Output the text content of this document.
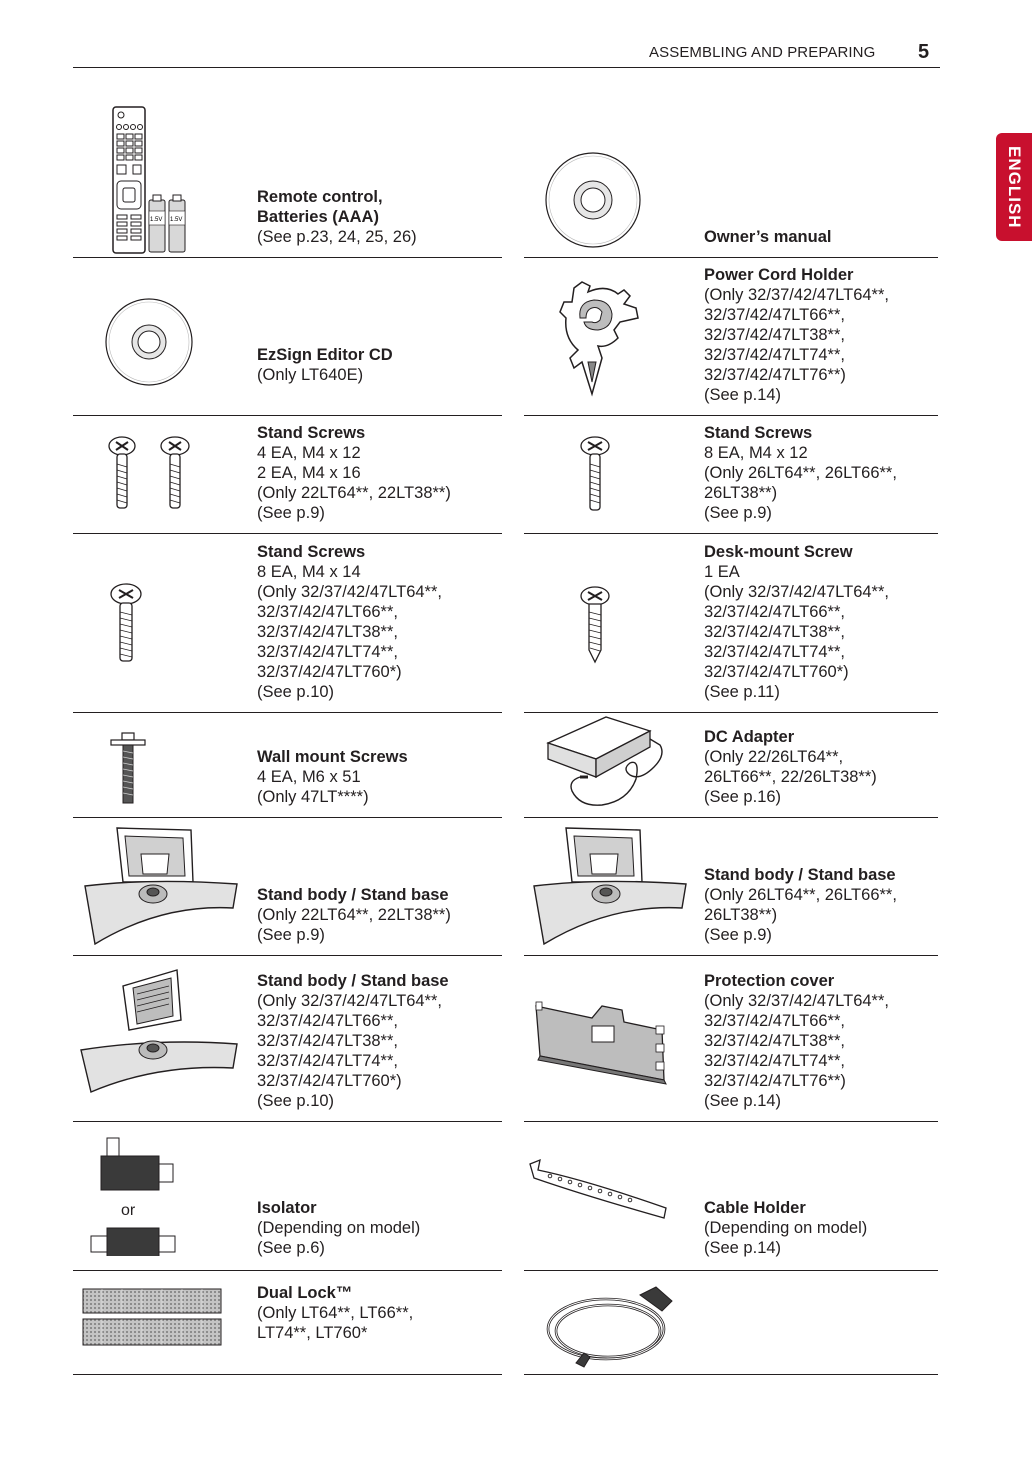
ASSEMBLING AND PREPARING 5
ENGLISH
1.5V 1.5V
Remote control,
Batteries (AAA)
(See p.23, 24, 25, 26)
EzSign Editor CD
(Only LT640E)
Stand Screws
4 EA, M4 x 12
2 EA, M4 x 16
(Only 22LT64**, 22LT38**)
(See p.9)
Stand Screws
8 EA, M4 x 14
(Only 32/37/42/47LT64**,
32/37/42/47LT66**,
32/37/42/47LT38**,
32/37/42/47LT74**,
32/37/42/47LT760*)
(See p.10)
Wall mount Screws
4 EA, M6 x 51
(Only 47LT****)
Stand body / Stand base
(Only 22LT64**, 22LT38**)
(See p.9)
Stand body / Stand base
(Only 32/37/42/47LT64**,
32/37/42/47LT66**,
32/37/42/47LT38**,
32/37/42/47LT74**,
32/37/42/47LT760*)
(See p.10)
or	Isolator
(Depending on model)
(See p.6)
Dual Lock™
(Only LT64**, LT66**,
LT74**, LT760*
Owner’s manual
Power Cord Holder
(Only 32/37/42/47LT64**,
32/37/42/47LT66**,
32/37/42/47LT38**,
32/37/42/47LT74**,
32/37/42/47LT76**)
(See p.14)
Stand Screws
8 EA, M4 x 12
(Only 26LT64**, 26LT66**,
26LT38**)
(See p.9)
Desk-mount Screw
1 EA
(Only 32/37/42/47LT64**,
32/37/42/47LT66**,
32/37/42/47LT38**,
32/37/42/47LT74**,
32/37/42/47LT760*)
(See p.11)
DC Adapter
(Only 22/26LT64**,
26LT66**, 22/26LT38**)
(See p.16)
Stand body / Stand base
(Only 26LT64**, 26LT66**,
26LT38**)
(See p.9)
Protection cover
(Only 32/37/42/47LT64**,
32/37/42/47LT66**,
32/37/42/47LT38**,
32/37/42/47LT74**,
32/37/42/47LT76**)
(See p.14)
Cable Holder
(Depending on model)
(See p.14)
